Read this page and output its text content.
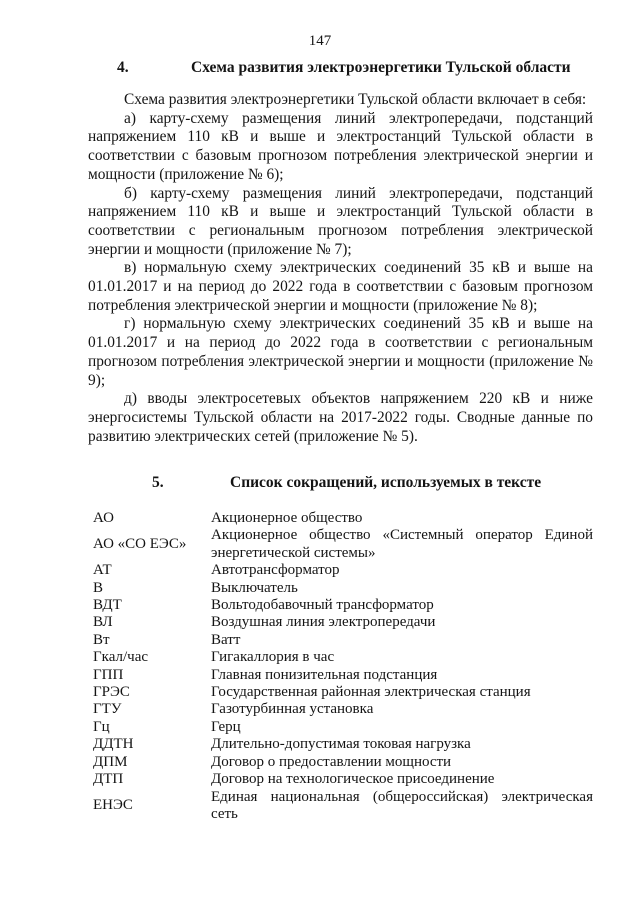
147
4.	Схема развития электроэнергетики Тульской области

Схема развития электроэнергетики Тульской области включает в себя:

а) карту-схему размещения линий электропередачи, подстанций напряжением 110 кВ и выше и электростанций Тульской области в соответствии с базовым прогнозом потребления электрической энергии и мощности (приложение № 6);

б) карту-схему размещения линий электропередачи, подстанций напряжением 110 кВ и выше и электростанций Тульской области в соответствии с региональным прогнозом потребления электрической энергии и мощности (приложение № 7);

в) нормальную схему электрических соединений 35 кВ и выше на 01.01.2017 и на период до 2022 года в соответствии с базовым прогнозом потребления электрической энергии и мощности (приложение № 8);

г) нормальную схему электрических соединений 35 кВ и выше на 01.01.2017 и на период до 2022 года в соответствии с региональным прогнозом потребления электрической энергии и мощности (приложение № 9);

д) вводы электросетевых объектов напряжением 220 кВ и ниже энергосистемы Тульской области на 2017-2022 годы. Сводные данные по развитию электрических сетей (приложение № 5).

5.	Список сокращений, используемых в тексте
АО	Акционерное общество
АО «СО ЕЭС»	Акционерное общество «Системный оператор Единой энергетической системы»
АТ	Автотрансформатор
В	Выключатель
ВДТ	Вольтодобавочный трансформатор
ВЛ	Воздушная линия электропередачи
Вт	Ватт
Гкал/час	Гигакаллория в час
ГПП	Главная понизительная подстанция
ГРЭС	Государственная районная электрическая станция
ГТУ	Газотурбинная установка
Гц	Герц
ДДТН	Длительно-допустимая токовая нагрузка
ДПМ	Договор о предоставлении мощности
ДТП	Договор на технологическое присоединение
ЕНЭС	Единая национальная (общероссийская) электрическая сеть
